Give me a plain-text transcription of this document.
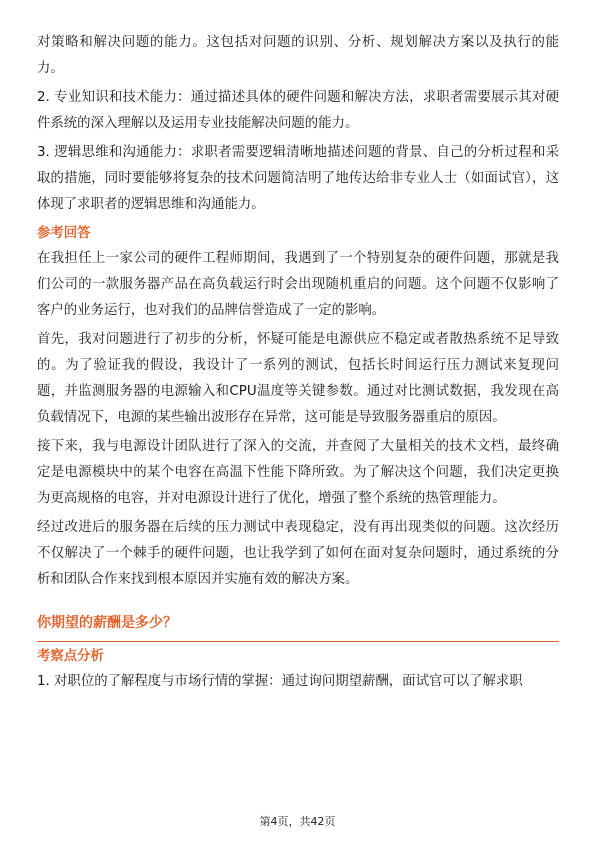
对策略和解决问题的能力。这包括对问题的识别、分析、规划解决方案以及执行的能力。

2. 专业知识和技术能力：通过描述具体的硬件问题和解决方法，求职者需要展示其对硬件系统的深入理解以及运用专业技能解决问题的能力。

3. 逻辑思维和沟通能力：求职者需要逻辑清晰地描述问题的背景、自己的分析过程和采取的措施，同时要能够将复杂的技术问题简洁明了地传达给非专业人士（如面试官），这体现了求职者的逻辑思维和沟通能力。

参考回答

在我担任上一家公司的硬件工程师期间，我遇到了一个特别复杂的硬件问题，那就是我们公司的一款服务器产品在高负载运行时会出现随机重启的问题。这个问题不仅影响了客户的业务运行，也对我们的品牌信誉造成了一定的影响。

首先，我对问题进行了初步的分析，怀疑可能是电源供应不稳定或者散热系统不足导致的。为了验证我的假设，我设计了一系列的测试，包括长时间运行压力测试来复现问题，并监测服务器的电源输入和CPU温度等关键参数。通过对比测试数据，我发现在高负载情况下，电源的某些输出波形存在异常，这可能是导致服务器重启的原因。

接下来，我与电源设计团队进行了深入的交流，并查阅了大量相关的技术文档，最终确定是电源模块中的某个电容在高温下性能下降所致。为了解决这个问题，我们决定更换为更高规格的电容，并对电源设计进行了优化，增强了整个系统的热管理能力。

经过改进后的服务器在后续的压力测试中表现稳定，没有再出现类似的问题。这次经历不仅解决了一个棘手的硬件问题，也让我学到了如何在面对复杂问题时，通过系统的分析和团队合作来找到根本原因并实施有效的解决方案。

你期望的薪酬是多少？
考察点分析

1. 对职位的了解程度与市场行情的掌握：通过询问期望薪酬，面试官可以了解求职

第4页，共42页
